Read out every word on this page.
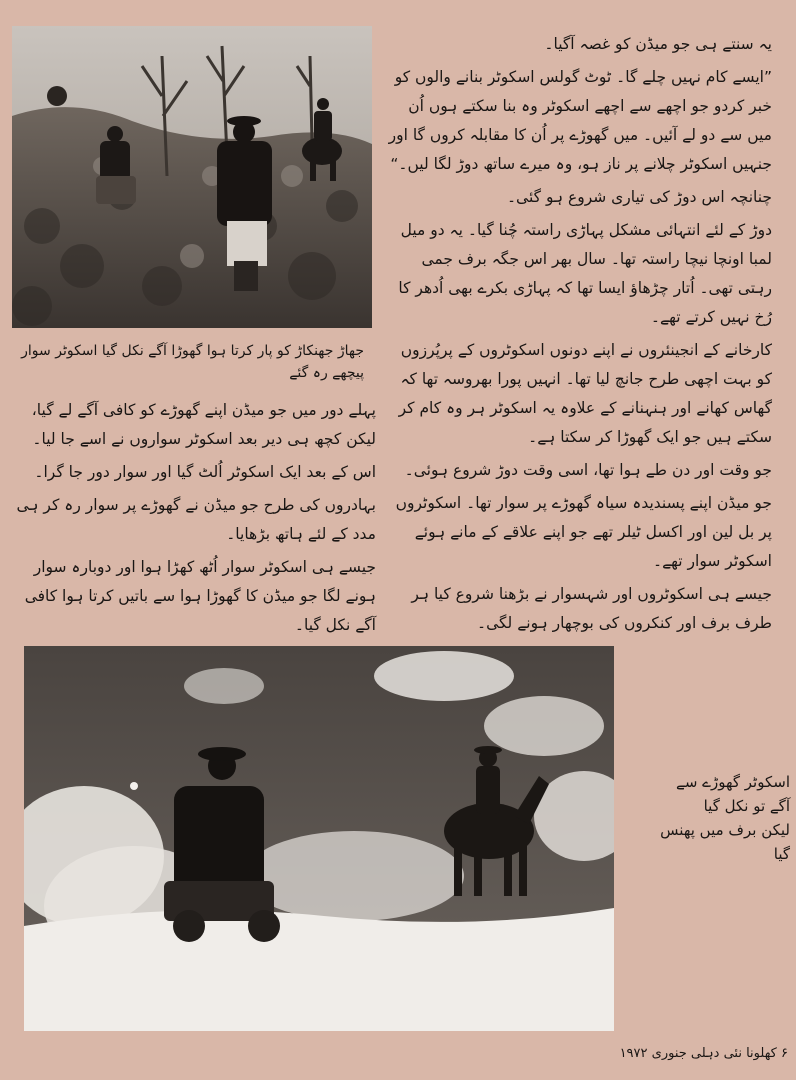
یہ سنتے ہی جو میڈن کو غصہ آگیا۔

”ایسے کام نہیں چلے گا۔ ٹوٹ گولس اسکوٹر بنانے والوں کو خبر کردو جو اچھے سے اچھے اسکوٹر وہ بنا سکتے ہوں اُن میں سے دو لے آئیں۔ میں گھوڑے پر اُن کا مقابلہ کروں گا اور جنہیں اسکوٹر چلانے پر ناز ہو، وہ میرے ساتھ دوڑ لگا لیں۔“

چنانچہ اس دوڑ کی تیاری شروع ہو گئی۔

دوڑ کے لئے انتہائی مشکل پہاڑی راستہ چُنا گیا۔ یہ دو میل لمبا اونچا نیچا راستہ تھا۔ سال بھر اس جگہ برف جمی رہتی تھی۔ اُتار چڑھاؤ ایسا تھا کہ پہاڑی بکرے بھی اُدھر کا رُخ نہیں کرتے تھے۔

کارخانے کے انجینئروں نے اپنے دونوں اسکوٹروں کے پرپُرزوں کو بہت اچھی طرح جانچ لیا تھا۔ انہیں پورا بھروسہ تھا کہ گھاس کھانے اور ہنہنانے کے علاوہ یہ اسکوٹر ہر وہ کام کر سکتے ہیں جو ایک گھوڑا کر سکتا ہے۔

جو وقت اور دن طے ہوا تھا، اسی وقت دوڑ شروع ہوئی۔

جو میڈن اپنے پسندیدہ سیاہ گھوڑے پر سوار تھا۔ اسکوٹروں پر بل لین اور اکسل ٹیلر تھے جو اپنے علاقے کے مانے ہوئے اسکوٹر سوار تھے۔

جیسے ہی اسکوٹروں اور شہسوار نے بڑھنا شروع کیا ہر طرف برف اور کنکروں کی بوچھار ہونے لگی۔

جھاڑ جھنکاڑ کو پار کرتا ہوا گھوڑا آگے نکل گیا اسکوٹر سوار پیچھے رہ گئے

پہلے دور میں جو میڈن اپنے گھوڑے کو کافی آگے لے گیا، لیکن کچھ ہی دیر بعد اسکوٹر سواروں نے اسے جا لیا۔

اس کے بعد ایک اسکوٹر اُلٹ گیا اور سوار دور جا گرا۔

بہادروں کی طرح جو میڈن نے گھوڑے پر سوار رہ کر ہی مدد کے لئے ہاتھ بڑھایا۔

جیسے ہی اسکوٹر سوار اُٹھ کھڑا ہوا اور دوبارہ سوار ہونے لگا جو میڈن کا گھوڑا ہوا سے باتیں کرتا ہوا کافی آگے نکل گیا۔

اسکوٹر گھوڑے سے
آگے تو نکل گیا
لیکن برف میں پھنس گیا
۶ کھلونا نئی دہلی جنوری ۱۹۷۲
